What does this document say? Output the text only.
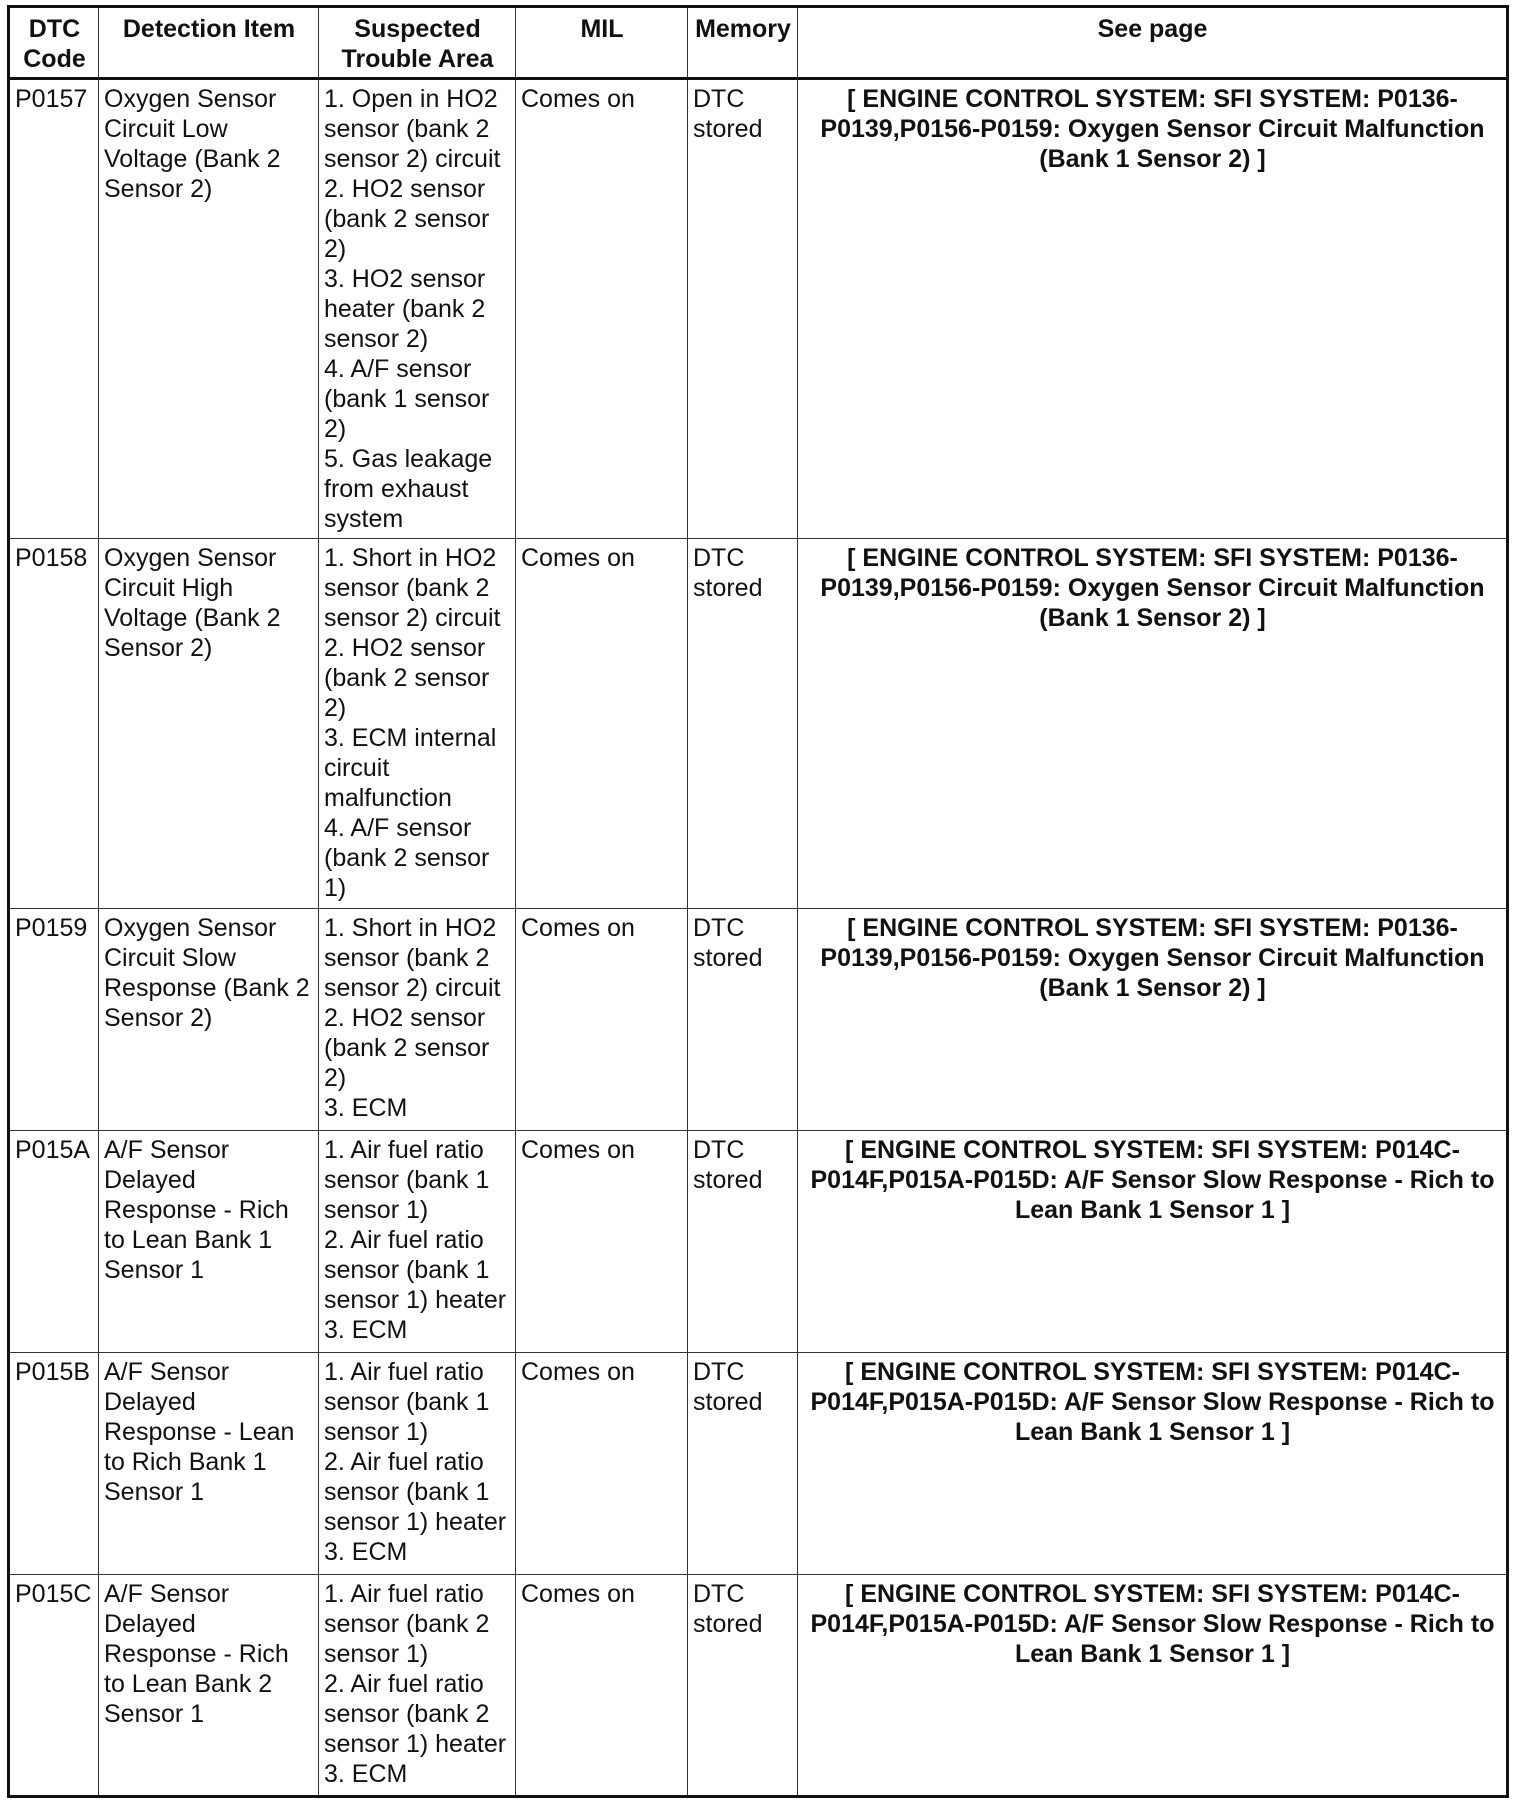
DTC Code	Detection Item	Suspected Trouble Area	MIL	Memory	See page
P0157	Oxygen Sensor Circuit Low Voltage (Bank 2 Sensor 2)	1. Open in HO2 sensor (bank 2 sensor 2) circuit
2. HO2 sensor (bank 2 sensor 2)
3. HO2 sensor heater (bank 2 sensor 2)
4. A/F sensor (bank 1 sensor 2)
5. Gas leakage from exhaust system	Comes on	DTC stored	[ ENGINE CONTROL SYSTEM: SFI SYSTEM: P0136-P0139,P0156-P0159: Oxygen Sensor Circuit Malfunction (Bank 1 Sensor 2) ]
P0158	Oxygen Sensor Circuit High Voltage (Bank 2 Sensor 2)	1. Short in HO2 sensor (bank 2 sensor 2) circuit
2. HO2 sensor (bank 2 sensor 2)
3. ECM internal circuit malfunction
4. A/F sensor (bank 2 sensor 1)	Comes on	DTC stored	[ ENGINE CONTROL SYSTEM: SFI SYSTEM: P0136-P0139,P0156-P0159: Oxygen Sensor Circuit Malfunction (Bank 1 Sensor 2) ]
P0159	Oxygen Sensor Circuit Slow Response (Bank 2 Sensor 2)	1. Short in HO2 sensor (bank 2 sensor 2) circuit
2. HO2 sensor (bank 2 sensor 2)
3. ECM	Comes on	DTC stored	[ ENGINE CONTROL SYSTEM: SFI SYSTEM: P0136-P0139,P0156-P0159: Oxygen Sensor Circuit Malfunction (Bank 1 Sensor 2) ]
P015A	A/F Sensor Delayed Response - Rich to Lean Bank 1 Sensor 1	1. Air fuel ratio sensor (bank 1 sensor 1)
2. Air fuel ratio sensor (bank 1 sensor 1) heater
3. ECM	Comes on	DTC stored	[ ENGINE CONTROL SYSTEM: SFI SYSTEM: P014C-P014F,P015A-P015D: A/F Sensor Slow Response - Rich to Lean Bank 1 Sensor 1 ]
P015B	A/F Sensor Delayed Response - Lean to Rich Bank 1 Sensor 1	1. Air fuel ratio sensor (bank 1 sensor 1)
2. Air fuel ratio sensor (bank 1 sensor 1) heater
3. ECM	Comes on	DTC stored	[ ENGINE CONTROL SYSTEM: SFI SYSTEM: P014C-P014F,P015A-P015D: A/F Sensor Slow Response - Rich to Lean Bank 1 Sensor 1 ]
P015C	A/F Sensor Delayed Response - Rich to Lean Bank 2 Sensor 1	1. Air fuel ratio sensor (bank 2 sensor 1)
2. Air fuel ratio sensor (bank 2 sensor 1) heater
3. ECM	Comes on	DTC stored	[ ENGINE CONTROL SYSTEM: SFI SYSTEM: P014C-P014F,P015A-P015D: A/F Sensor Slow Response - Rich to Lean Bank 1 Sensor 1 ]
